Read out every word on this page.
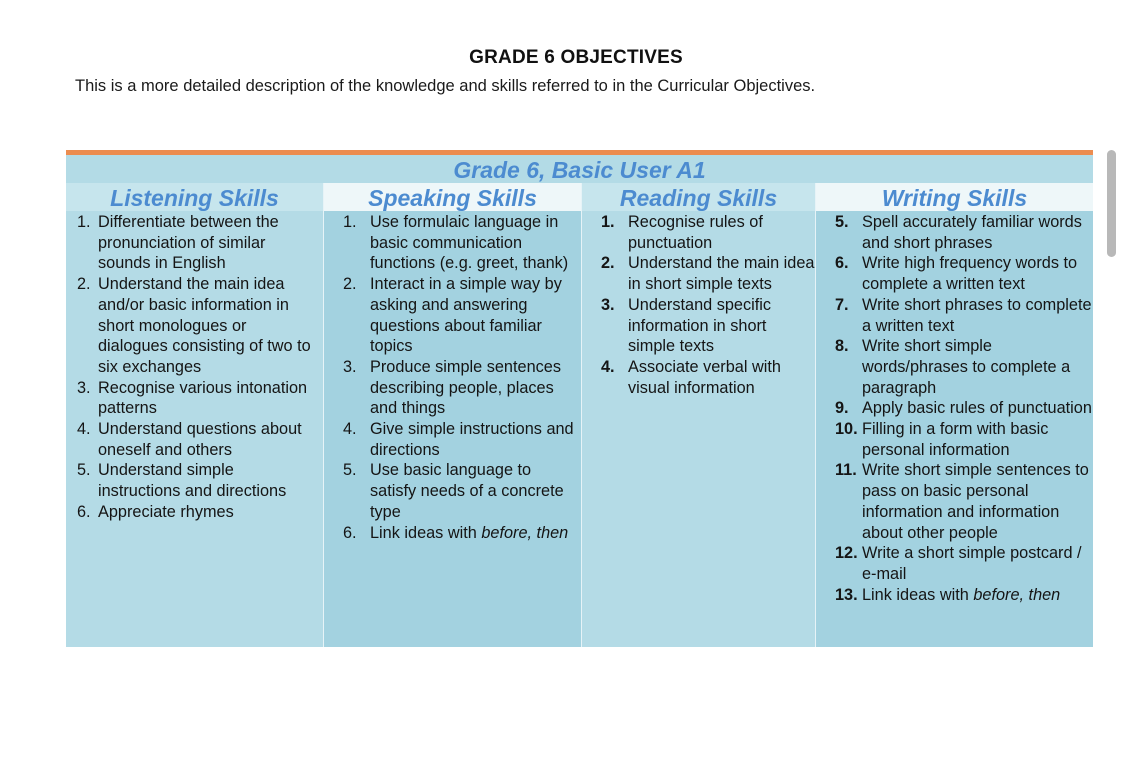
GRADE 6 OBJECTIVES
This is a more detailed description of the knowledge and skills referred to in the Curricular Objectives.
Grade 6, Basic User A1
Listening Skills
1. Differentiate between the pronunciation of similar sounds in English
2. Understand the main idea and/or basic information in short monologues or dialogues consisting of two to six exchanges
3. Recognise various intonation patterns
4. Understand questions about oneself and others
5. Understand simple instructions and directions
6. Appreciate rhymes
Speaking Skills
1. Use formulaic language in basic communication functions (e.g. greet, thank)
2. Interact in a simple way by asking and answering questions about familiar topics
3. Produce simple sentences describing people, places and things
4. Give simple instructions and directions
5. Use basic language to satisfy needs of a concrete type
6. Link ideas with before, then
Reading Skills
1. Recognise rules of punctuation
2. Understand the main idea in short simple texts
3. Understand specific information in short simple texts
4. Associate verbal with visual information
Writing Skills
5. Spell accurately familiar words and short phrases
6. Write high frequency words to complete a written text
7. Write short phrases to complete a written text
8. Write short simple words/phrases to complete a paragraph
9. Apply basic rules of punctuation
10. Filling in a form with basic personal information
11. Write short simple sentences to pass on basic personal information and information about other people
12. Write a short simple postcard / e-mail
13. Link ideas with before, then
